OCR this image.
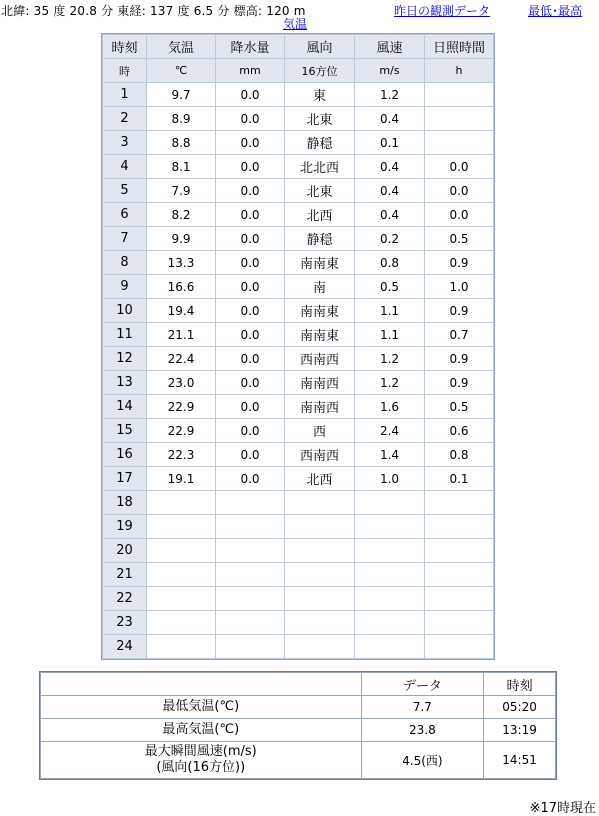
北緯: 35 度 20.8 分 東経: 137 度 6.5 分 標高: 120 m	昨日の観測データ	最低･最高
気温
時刻	気温	降水量	風向	風速	日照時間
時	℃	mm	16方位	m/s	h
1	9.7	0.0	東	1.2	
2	8.9	0.0	北東	0.4	
3	8.8	0.0	静穏	0.1	
4	8.1	0.0	北北西	0.4	0.0
5	7.9	0.0	北東	0.4	0.0
6	8.2	0.0	北西	0.4	0.0
7	9.9	0.0	静穏	0.2	0.5
8	13.3	0.0	南南東	0.8	0.9
9	16.6	0.0	南	0.5	1.0
10	19.4	0.0	南南東	1.1	0.9
11	21.1	0.0	南南東	1.1	0.7
12	22.4	0.0	西南西	1.2	0.9
13	23.0	0.0	南南西	1.2	0.9
14	22.9	0.0	南南西	1.6	0.5
15	22.9	0.0	西	2.4	0.6
16	22.3	0.0	西南西	1.4	0.8
17	19.1	0.0	北西	1.0	0.1
18					
19					
20					
21					
22					
23					
24					
	データ	時刻
最低気温(℃)	7.7	05:20
最高気温(℃)	23.8	13:19
最大瞬間風速(m/s)
(風向(16方位))	4.5(西)	14:51
※17時現在
